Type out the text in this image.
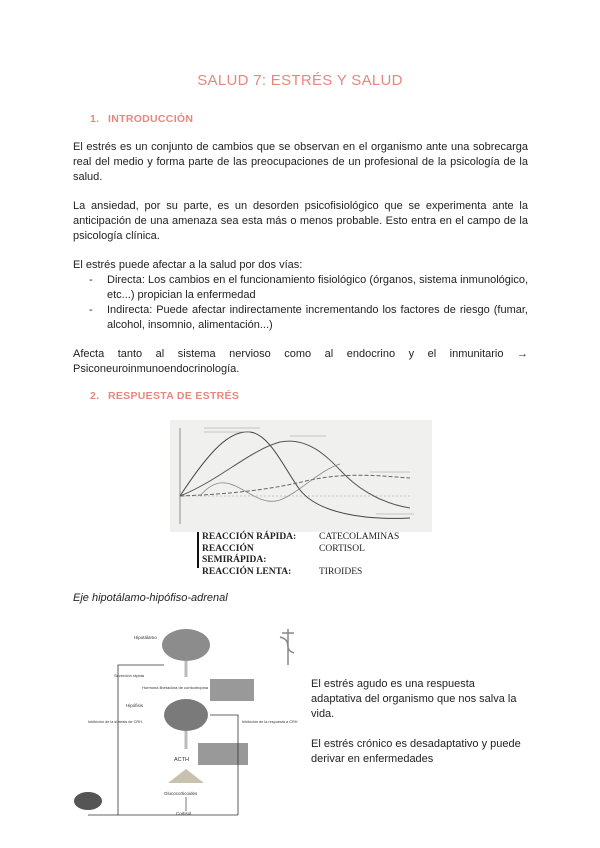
SALUD 7: ESTRÉS Y SALUD
1. INTRODUCCIÓN
El estrés es un conjunto de cambios que se observan en el organismo ante una sobrecarga real del medio y forma parte de las preocupaciones de un profesional de la psicología de la salud.
La ansiedad, por su parte, es un desorden psicofisiológico que se experimenta ante la anticipación de una amenaza sea esta más o menos probable. Esto entra en el campo de la psicología clínica.
El estrés puede afectar a la salud por dos vías:
- Directa: Los cambios en el funcionamiento fisiológico (órganos, sistema inmunológico, etc...) propician la enfermedad
- Indirecta: Puede afectar indirectamente incrementando los factores de riesgo (fumar, alcohol, insomnio, alimentación...)
Afecta tanto al sistema nervioso como al endocrino y el inmunitario → Psiconeuroinmunoendocrinología.
2. RESPUESTA DE ESTRÉS
REACCIÓN RÁPIDA:	CATECOLAMINAS
REACCIÓN SEMIRÁPIDA:
CORTISOL
REACCIÓN LENTA:	TIROIDES
Eje hipotálamo-hipófiso-adrenal
Hipotálamo
Hormona liberadora de corticotropina
Hipófisis
ACTH
Glucocorticoides
Cortisol
Secreción rápida
Inhibición de la síntesis de CRH	Inhibición de la respuesta a CRH
El estrés agudo es una respuesta adaptativa del organismo que nos salva la vida.
El estrés crónico es desadaptativo y puede derivar en enfermedades
